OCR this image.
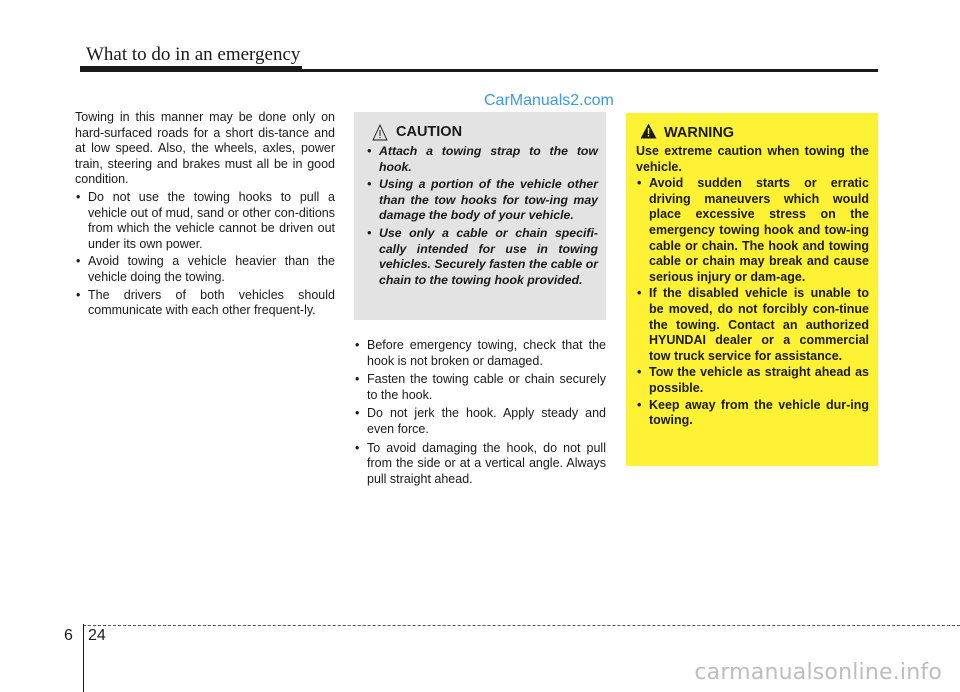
What to do in an emergency
CarManuals2.com

Towing in this manner may be done only on hard-surfaced roads for a short dis-tance and at low speed. Also, the wheels, axles, power train, steering and brakes must all be in good condition.

• Do not use the towing hooks to pull a vehicle out of mud, sand or other con-ditions from which the vehicle cannot be driven out under its own power.
• Avoid towing a vehicle heavier than the vehicle doing the towing.
• The drivers of both vehicles should communicate with each other frequent-ly.
CAUTION
• Attach a towing strap to the tow hook.
• Using a portion of the vehicle other than the tow hooks for tow-ing may damage the body of your vehicle.
• Use only a cable or chain specifi-cally intended for use in towing vehicles. Securely fasten the cable or chain to the towing hook provided.
• Before emergency towing, check that the hook is not broken or damaged.
• Fasten the towing cable or chain securely to the hook.
• Do not jerk the hook. Apply steady and even force.
• To avoid damaging the hook, do not pull from the side or at a vertical angle. Always pull straight ahead.
WARNING
Use extreme caution when towing the vehicle.
• Avoid sudden starts or erratic driving maneuvers which would place excessive stress on the emergency towing hook and tow-ing cable or chain. The hook and towing cable or chain may break and cause serious injury or dam-age.
• If the disabled vehicle is unable to be moved, do not forcibly con-tinue the towing. Contact an authorized HYUNDAI dealer or a commercial tow truck service for assistance.
• Tow the vehicle as straight ahead as possible.
• Keep away from the vehicle dur-ing towing.
6 24
carmanualsonline.info
